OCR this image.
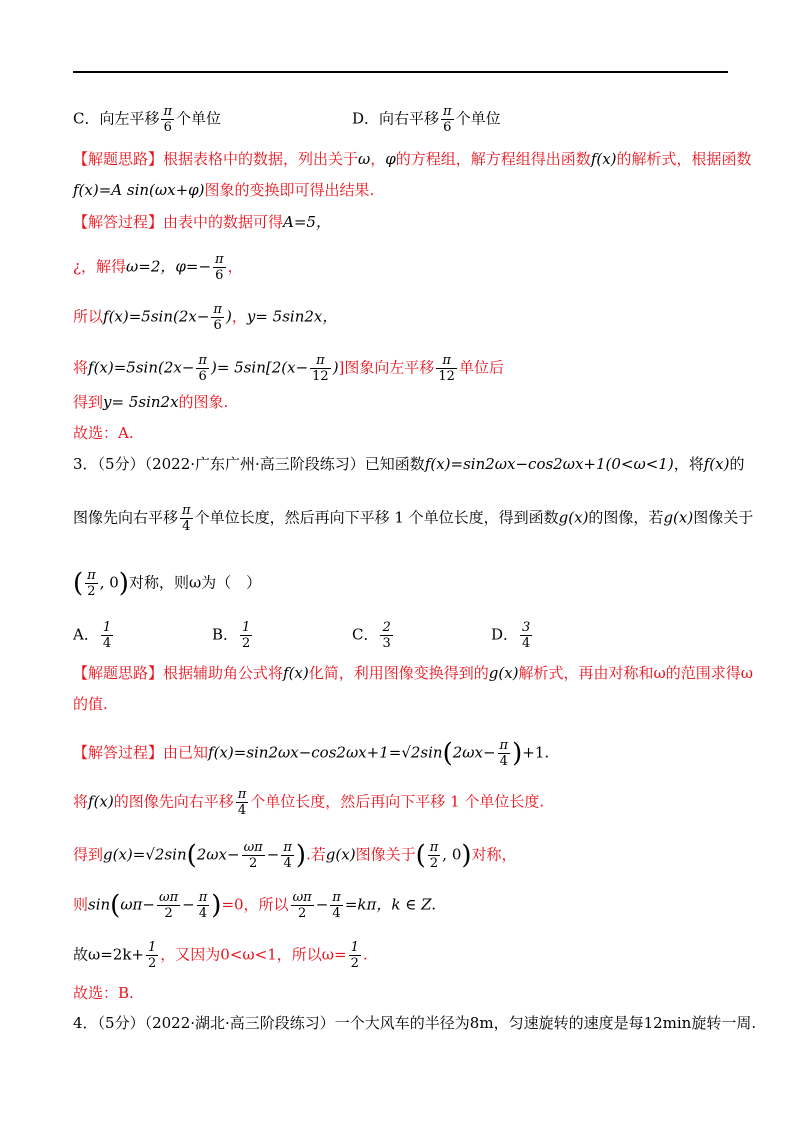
C．向左平移 $\frac{\pi}{6}$ 个单位	D．向右平移 $\frac{\pi}{6}$ 个单位
【解题思路】根据表格中的数据，列出关于ω，φ的方程组，解方程组得出函数f(x)的解析式，根据函数
f(x)=A sin(ωx+φ)图象的变换即可得出结果.
【解答过程】由表中的数据可得A=5，
¿，解得ω=2，$\varphi=- \frac{\pi}{6}$ ，
所以$f(x)=5\sin(2x- \frac{\pi}{6}$ )，y= 5sin2x，
将$f(x)=5\sin(2x- \frac{\pi}{6}$ )= $5\sin[2(x- \frac{\pi}{12}$ )]图象向左平移 $\frac{\pi}{12}$ 单位后
得到y= 5sin2x的图象.
故选：A.
3．（5分）（2022·广东广州·高三阶段练习）已知函数f(x)=sin2ωx−cos2ωx+1(0<ω<1)，将f(x)的
图像先向右平移 $\frac{\pi}{4}$ 个单位长度，然后再向下平移 1 个单位长度，得到函数g(x)的图像，若g(x)图像关于
( $\frac{\pi}{2}$ , 0)对称，则ω为（　）
A． $\frac{1}{4}$	B． $\frac{1}{2}$	C． $\frac{2}{3}$	D． $\frac{3}{4}$
【解题思路】根据辅助角公式将f(x)化简，利用图像变换得到的g(x)解析式，再由对称和ω的范围求得ω
的值.
【解答过程】由已知$f(x)=\sin 2\omega x-\cos 2\omega x+1=√2\sin(2\omega x- \frac{\pi}{4} )+1$.
将f(x)的图像先向右平移 $\frac{\pi}{4}$ 个单位长度，然后再向下平移 1 个单位长度.
得到$g(x)=√2\sin(2\omega x- \frac{\omega\pi}{2} - \frac{\pi}{4}$ ).若g(x)图像关于( $\frac{\pi}{2}$ , 0)对称，
则$\sin(\omega\pi- \frac{\omega\pi}{2} - \frac{\pi}{4} )=0$，所以 $\frac{\omega\pi}{2} - \frac{\pi}{4} =k\pi$，k ∈ Z.
故$\omega=2k+ \frac{1}{2}$ ，又因为0<ω<1，所以$\omega= \frac{1}{2}$ .
故选：B.
4．（5分）（2022·湖北·高三阶段练习）一个大风车的半径为8m，匀速旋转的速度是每12min旋转一周.
